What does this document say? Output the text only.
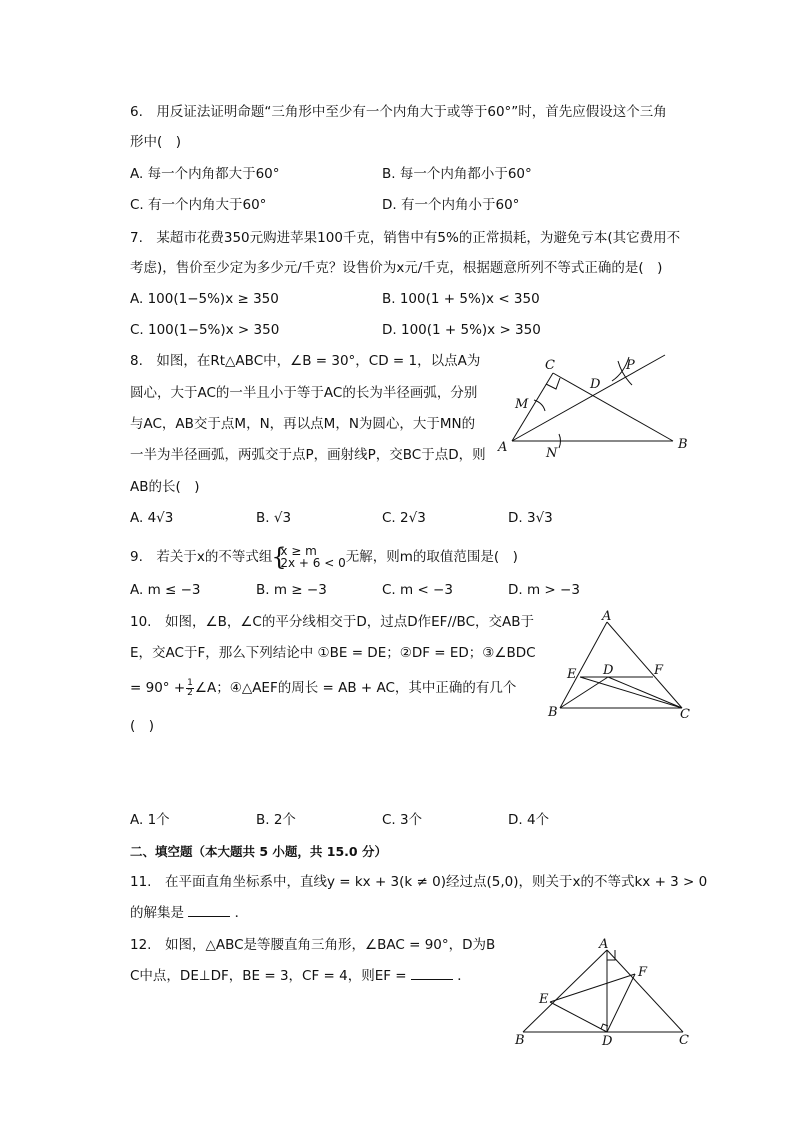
6.　用反证法证明命题“三角形中至少有一个内角大于或等于60°”时，首先应假设这个三角
形中(　)
A. 每一个内角都大于60°	B. 每一个内角都小于60°
C. 有一个内角大于60°	D. 有一个内角小于60°
7.　某超市花费350元购进苹果100千克，销售中有5%的正常损耗，为避免亏本(其它费用不
考虑)，售价至少定为多少元/千克？设售价为x元/千克，根据题意所列不等式正确的是(　)
A. 100(1−5%)x ≥ 350	B. 100(1 + 5%)x < 350
C. 100(1−5%)x > 350	D. 100(1 + 5%)x > 350
8.　如图，在Rt△ABC中，∠B = 30°，CD = 1，以点A为
圆心，大于AC的一半且小于等于AC的长为半径画弧，分别
与AC，AB交于点M，N，再以点M，N为圆心，大于MN的
一半为半径画弧，两弧交于点P，画射线P，交BC于点D，则
AB的长(　)
C	P
D
M
A	N
B
A. 4√3	B. √3	C. 2√3	D. 3√3
9.　若关于x的不等式组
{ x ≥ m
2x + 6 < 0 无解，则m的取值范围是(　)
A. m ≤ −3	B. m ≥ −3	C. m < −3	D. m > −3
10.　如图，∠B，∠C的平分线相交于D，过点D作EF//BC，交AB于
E，交AC于F，那么下列结论中 ①BE = DE；②DF = ED；③∠BDC
= $90^\circ + \frac{1}{2}$ ∠A；④△AEF的周长 = AB + AC，其中正确的有几个
(　)
A
E D	F
B	C
A. 1个	B. 2个	C. 3个	D. 4个
二、填空题（本大题共 5 小题，共 15.0 分）
11.　在平面直角坐标系中，直线y = kx + 3(k ≠ 0)经过点(5,0)，则关于x的不等式kx + 3 > 0
的解集是	．
12.　如图，△ABC是等腰直角三角形，∠BAC = 90°，D为B
C中点，DE⊥DF，BE = 3，CF = 4，则EF =	．
A
F
E
B	D	C
